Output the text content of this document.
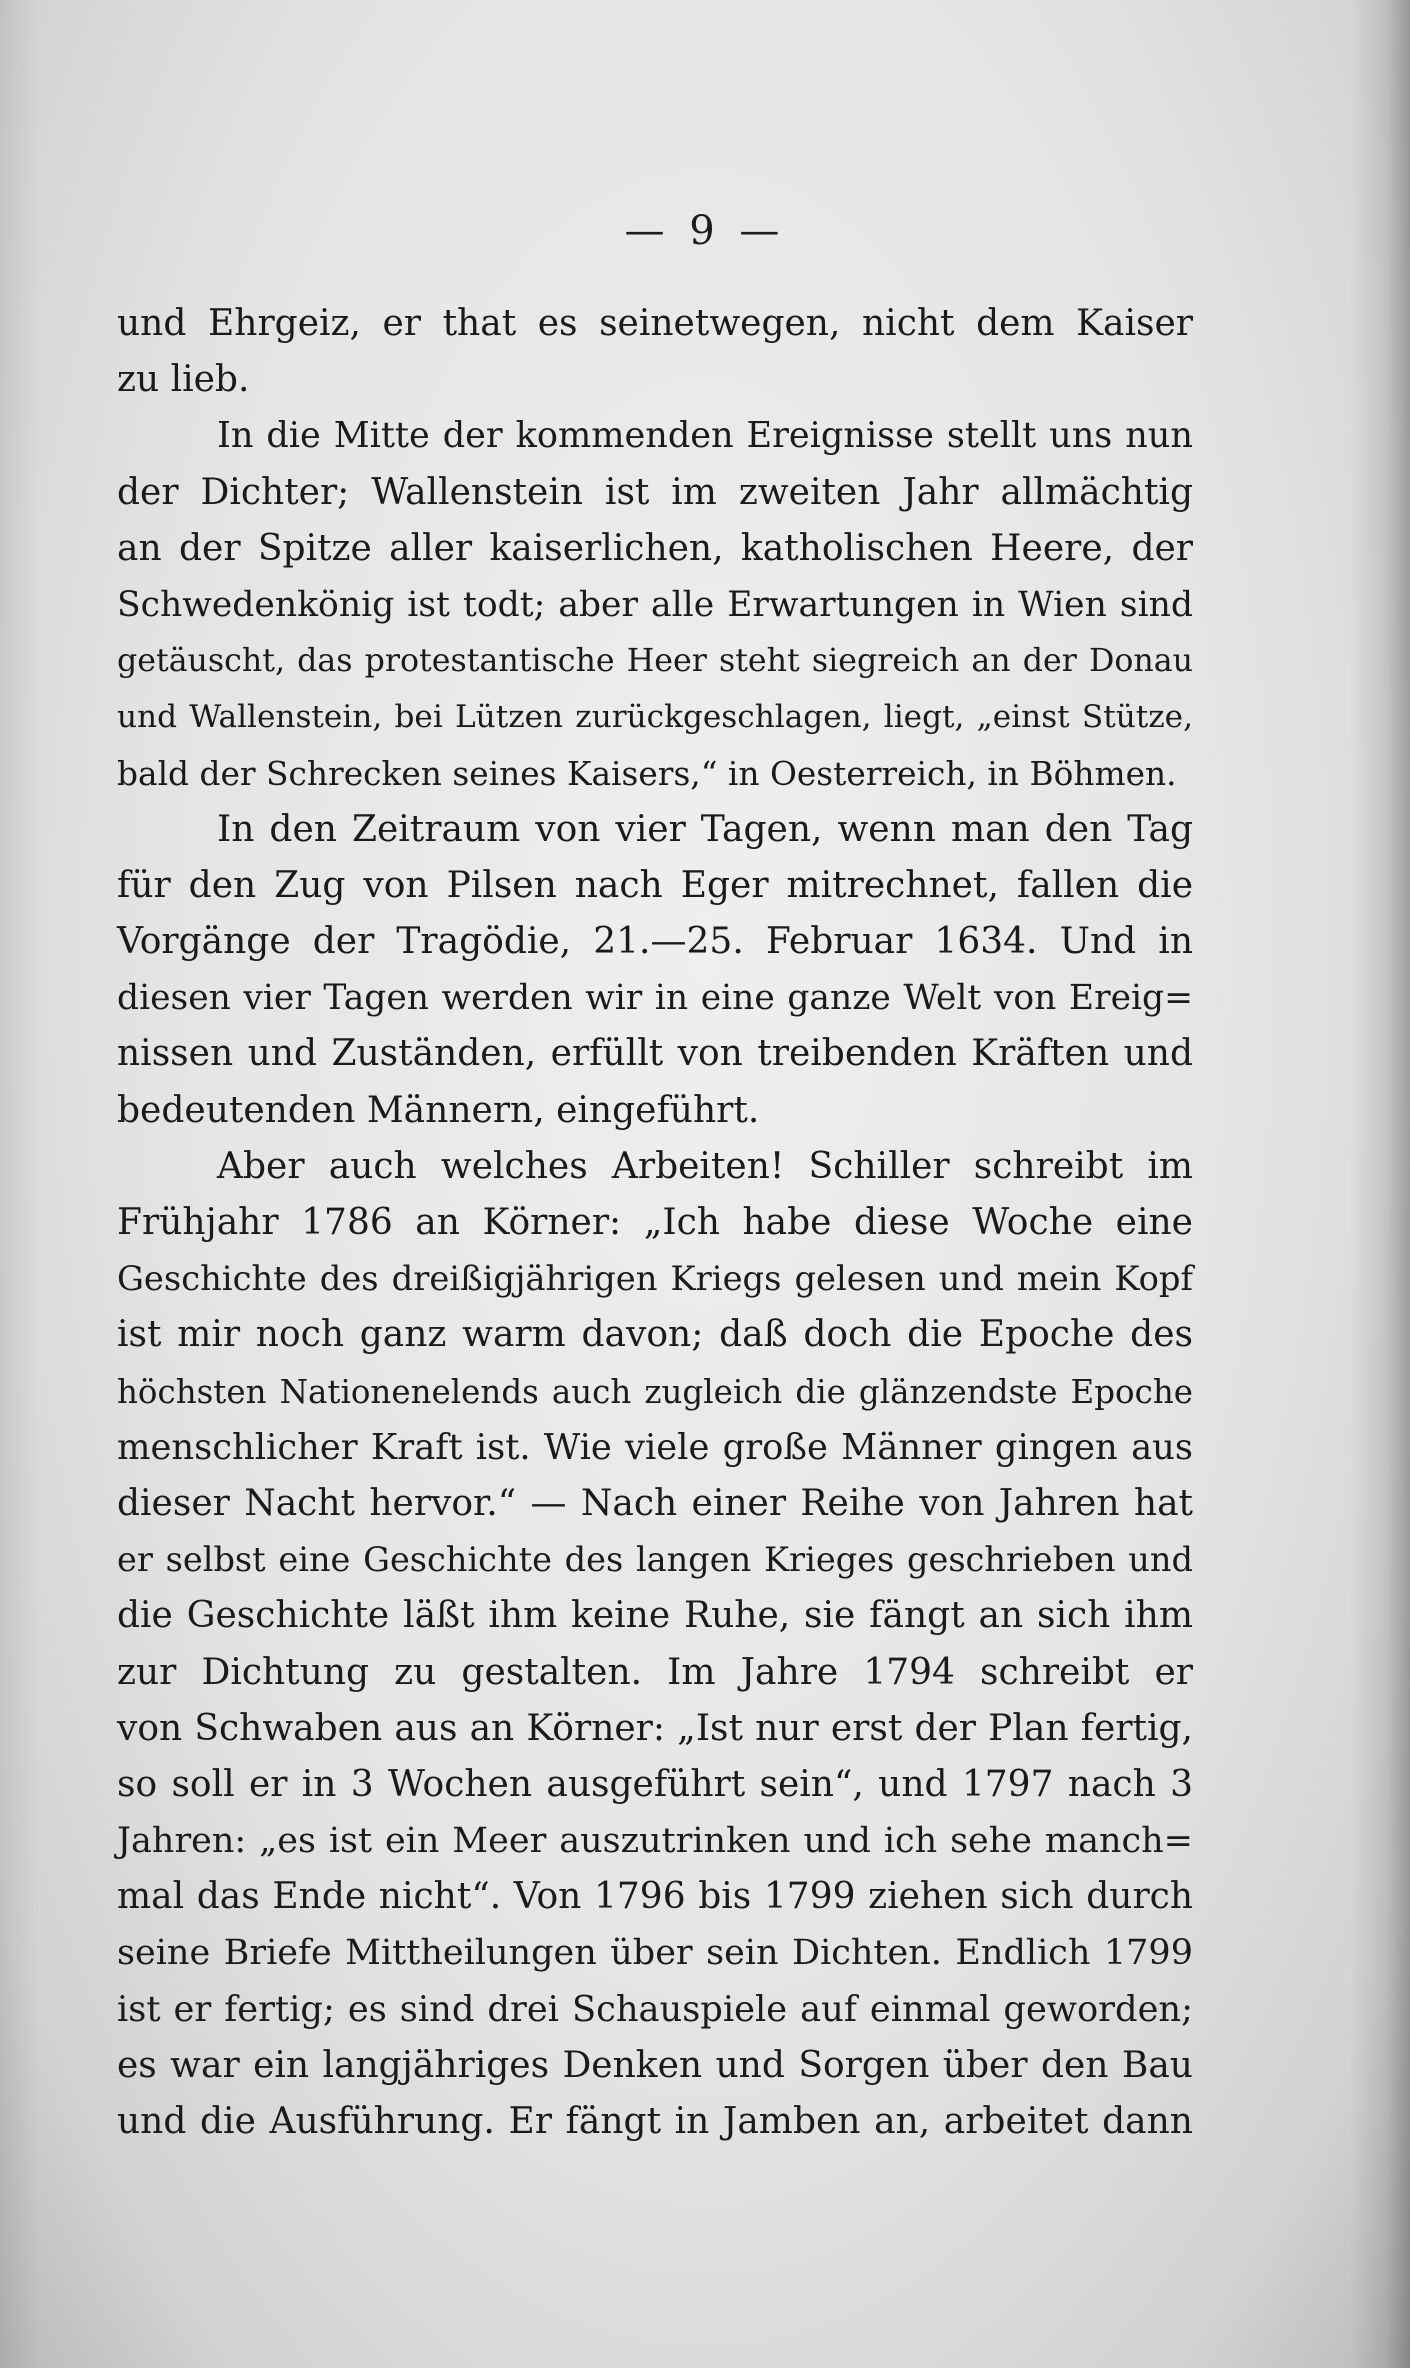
— 9 —
und Ehrgeiz, er that es seinetwegen, nicht dem Kaiser
zu lieb.
In die Mitte der kommenden Ereignisse stellt uns nun
der Dichter; Wallenstein ist im zweiten Jahr allmächtig
an der Spitze aller kaiserlichen, katholischen Heere, der
Schwedenkönig ist todt; aber alle Erwartungen in Wien sind
getäuscht, das protestantische Heer steht siegreich an der Donau
und Wallenstein, bei Lützen zurückgeschlagen, liegt, „einst Stütze,
bald der Schrecken seines Kaisers,“ in Oesterreich, in Böhmen.
In den Zeitraum von vier Tagen, wenn man den Tag
für den Zug von Pilsen nach Eger mitrechnet, fallen die
Vorgänge der Tragödie, 21.—25. Februar 1634. Und in
diesen vier Tagen werden wir in eine ganze Welt von Ereig=
nissen und Zuständen, erfüllt von treibenden Kräften und
bedeutenden Männern, eingeführt.
Aber auch welches Arbeiten! Schiller schreibt im
Frühjahr 1786 an Körner: „Ich habe diese Woche eine
Geschichte des dreißigjährigen Kriegs gelesen und mein Kopf
ist mir noch ganz warm davon; daß doch die Epoche des
höchsten Nationenelends auch zugleich die glänzendste Epoche
menschlicher Kraft ist. Wie viele große Männer gingen aus
dieser Nacht hervor.“ — Nach einer Reihe von Jahren hat
er selbst eine Geschichte des langen Krieges geschrieben und
die Geschichte läßt ihm keine Ruhe, sie fängt an sich ihm
zur Dichtung zu gestalten. Im Jahre 1794 schreibt er
von Schwaben aus an Körner: „Ist nur erst der Plan fertig,
so soll er in 3 Wochen ausgeführt sein“, und 1797 nach 3
Jahren: „es ist ein Meer auszutrinken und ich sehe manch=
mal das Ende nicht“. Von 1796 bis 1799 ziehen sich durch
seine Briefe Mittheilungen über sein Dichten. Endlich 1799
ist er fertig; es sind drei Schauspiele auf einmal geworden;
es war ein langjähriges Denken und Sorgen über den Bau
und die Ausführung. Er fängt in Jamben an, arbeitet dann
